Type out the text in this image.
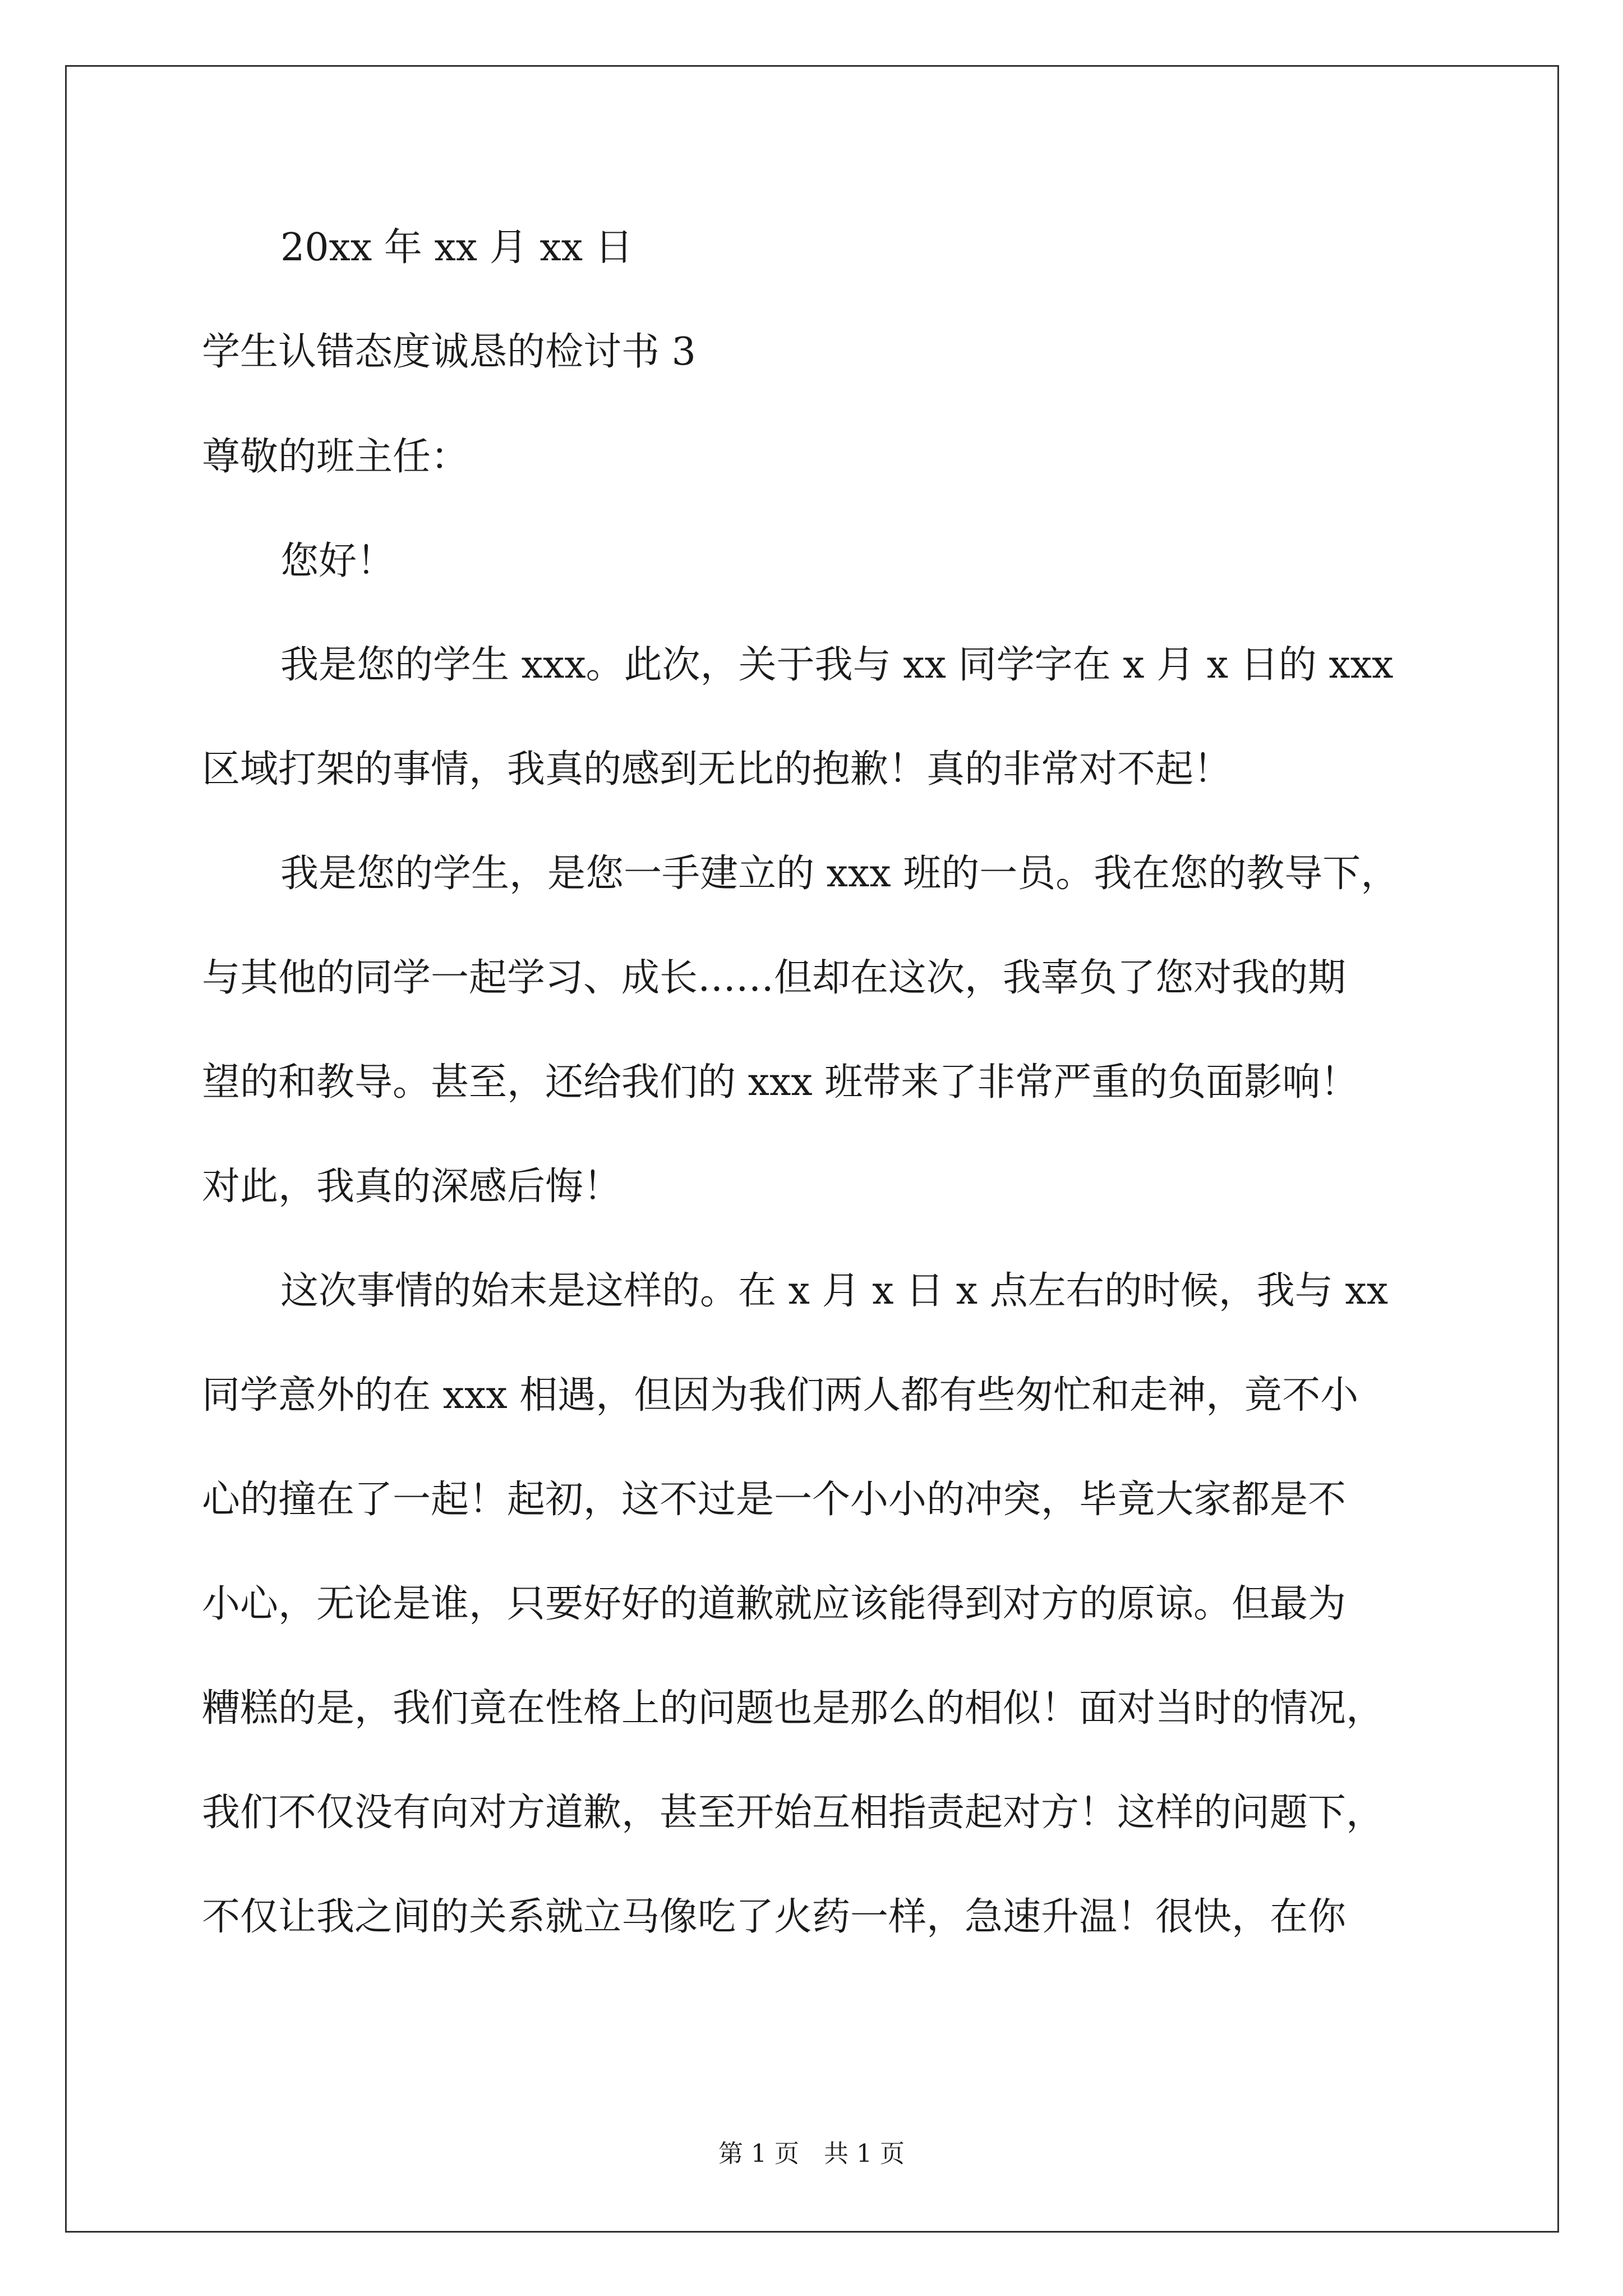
20xx 年 xx 月 xx 日
学生认错态度诚恳的检讨书 3
尊敬的班主任：
您好！
我是您的学生 xxx。此次，关于我与 xx 同学字在 x 月 x 日的 xxx
区域打架的事情，我真的感到无比的抱歉！真的非常对不起！
我是您的学生，是您一手建立的 xxx 班的一员。我在您的教导下，
与其他的同学一起学习、成长……但却在这次，我辜负了您对我的期
望的和教导。甚至，还给我们的 xxx 班带来了非常严重的负面影响！
对此，我真的深感后悔！
这次事情的始末是这样的。在 x 月 x 日 x 点左右的时候，我与 xx
同学意外的在 xxx 相遇，但因为我们两人都有些匆忙和走神，竟不小
心的撞在了一起！起初，这不过是一个小小的冲突，毕竟大家都是不
小心，无论是谁，只要好好的道歉就应该能得到对方的原谅。但最为
糟糕的是，我们竟在性格上的问题也是那么的相似！面对当时的情况，
我们不仅没有向对方道歉，甚至开始互相指责起对方！这样的问题下，
不仅让我之间的关系就立马像吃了火药一样，急速升温！很快，在你
第 1 页　共 1 页
